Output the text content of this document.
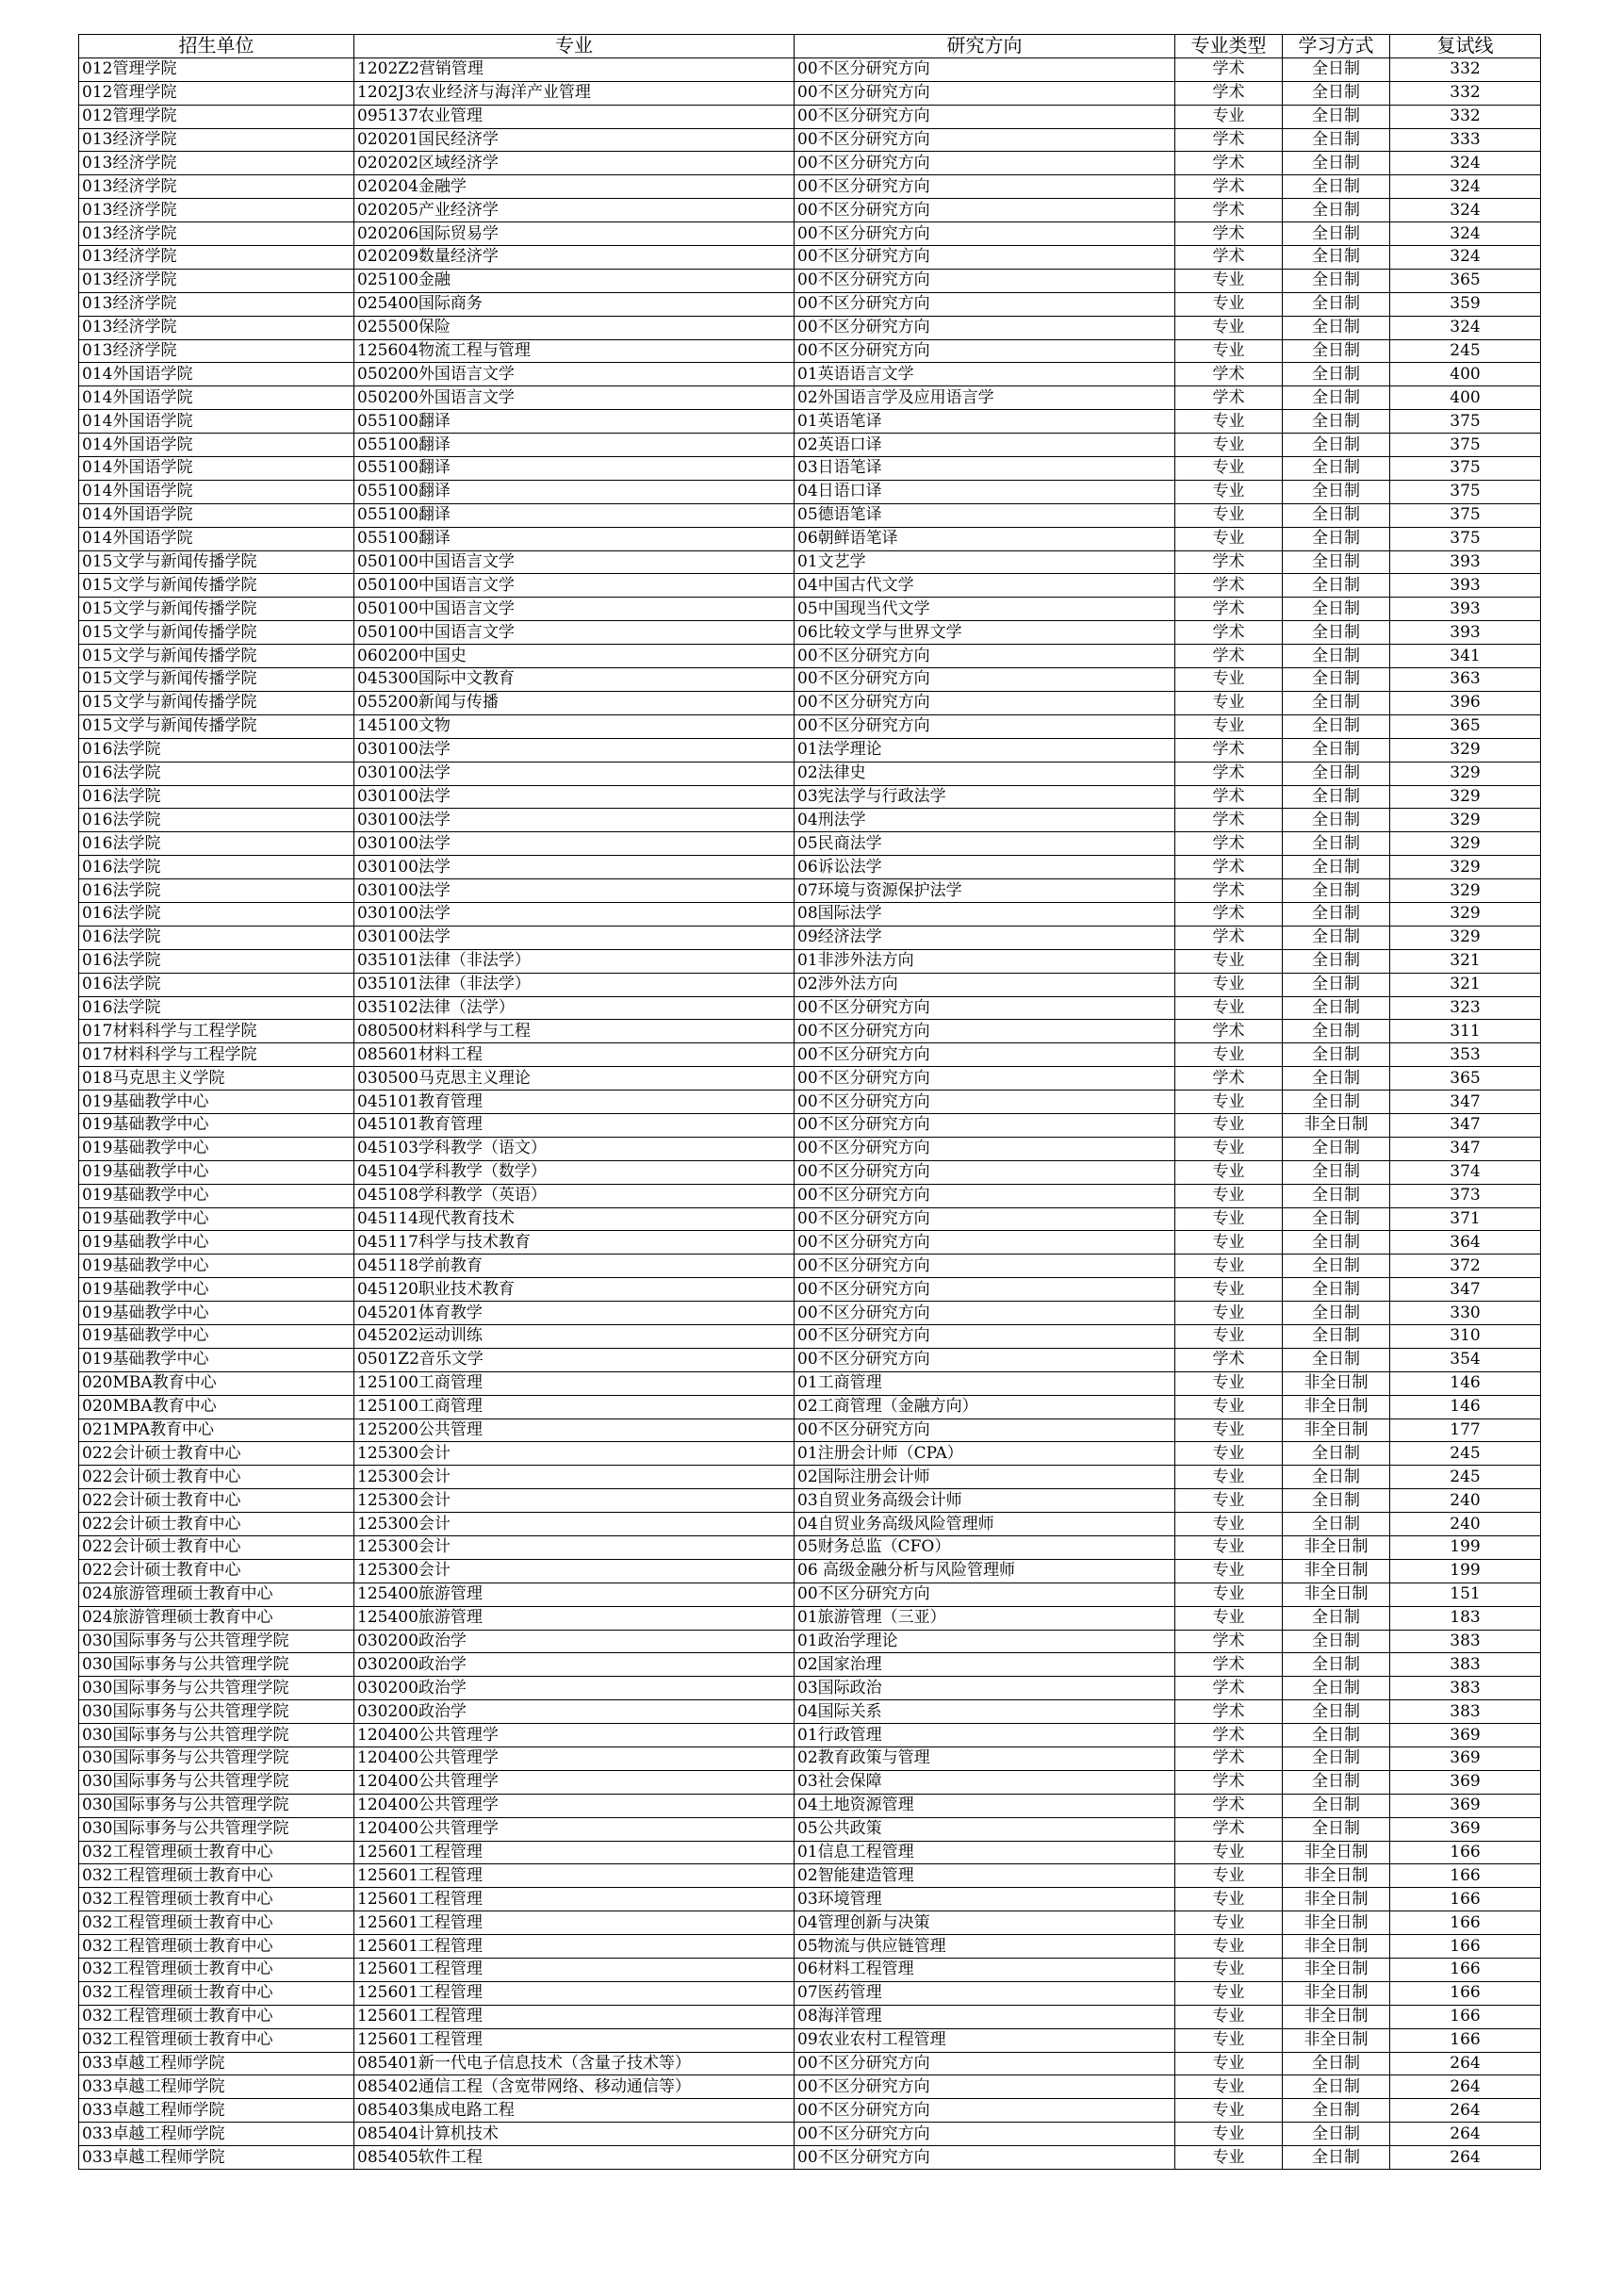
招生单位	专业	研究方向	专业类型	学习方式	复试线
012管理学院	1202Z2营销管理	00不区分研究方向	学术	全日制	332
012管理学院	1202J3农业经济与海洋产业管理	00不区分研究方向	学术	全日制	332
012管理学院	095137农业管理	00不区分研究方向	专业	全日制	332
013经济学院	020201国民经济学	00不区分研究方向	学术	全日制	333
013经济学院	020202区域经济学	00不区分研究方向	学术	全日制	324
013经济学院	020204金融学	00不区分研究方向	学术	全日制	324
013经济学院	020205产业经济学	00不区分研究方向	学术	全日制	324
013经济学院	020206国际贸易学	00不区分研究方向	学术	全日制	324
013经济学院	020209数量经济学	00不区分研究方向	学术	全日制	324
013经济学院	025100金融	00不区分研究方向	专业	全日制	365
013经济学院	025400国际商务	00不区分研究方向	专业	全日制	359
013经济学院	025500保险	00不区分研究方向	专业	全日制	324
013经济学院	125604物流工程与管理	00不区分研究方向	专业	全日制	245
014外国语学院	050200外国语言文学	01英语语言文学	学术	全日制	400
014外国语学院	050200外国语言文学	02外国语言学及应用语言学	学术	全日制	400
014外国语学院	055100翻译	01英语笔译	专业	全日制	375
014外国语学院	055100翻译	02英语口译	专业	全日制	375
014外国语学院	055100翻译	03日语笔译	专业	全日制	375
014外国语学院	055100翻译	04日语口译	专业	全日制	375
014外国语学院	055100翻译	05德语笔译	专业	全日制	375
014外国语学院	055100翻译	06朝鲜语笔译	专业	全日制	375
015文学与新闻传播学院	050100中国语言文学	01文艺学	学术	全日制	393
015文学与新闻传播学院	050100中国语言文学	04中国古代文学	学术	全日制	393
015文学与新闻传播学院	050100中国语言文学	05中国现当代文学	学术	全日制	393
015文学与新闻传播学院	050100中国语言文学	06比较文学与世界文学	学术	全日制	393
015文学与新闻传播学院	060200中国史	00不区分研究方向	学术	全日制	341
015文学与新闻传播学院	045300国际中文教育	00不区分研究方向	专业	全日制	363
015文学与新闻传播学院	055200新闻与传播	00不区分研究方向	专业	全日制	396
015文学与新闻传播学院	145100文物	00不区分研究方向	专业	全日制	365
016法学院	030100法学	01法学理论	学术	全日制	329
016法学院	030100法学	02法律史	学术	全日制	329
016法学院	030100法学	03宪法学与行政法学	学术	全日制	329
016法学院	030100法学	04刑法学	学术	全日制	329
016法学院	030100法学	05民商法学	学术	全日制	329
016法学院	030100法学	06诉讼法学	学术	全日制	329
016法学院	030100法学	07环境与资源保护法学	学术	全日制	329
016法学院	030100法学	08国际法学	学术	全日制	329
016法学院	030100法学	09经济法学	学术	全日制	329
016法学院	035101法律（非法学）	01非涉外法方向	专业	全日制	321
016法学院	035101法律（非法学）	02涉外法方向	专业	全日制	321
016法学院	035102法律（法学）	00不区分研究方向	专业	全日制	323
017材料科学与工程学院	080500材料科学与工程	00不区分研究方向	学术	全日制	311
017材料科学与工程学院	085601材料工程	00不区分研究方向	专业	全日制	353
018马克思主义学院	030500马克思主义理论	00不区分研究方向	学术	全日制	365
019基础教学中心	045101教育管理	00不区分研究方向	专业	全日制	347
019基础教学中心	045101教育管理	00不区分研究方向	专业	非全日制	347
019基础教学中心	045103学科教学（语文）	00不区分研究方向	专业	全日制	347
019基础教学中心	045104学科教学（数学）	00不区分研究方向	专业	全日制	374
019基础教学中心	045108学科教学（英语）	00不区分研究方向	专业	全日制	373
019基础教学中心	045114现代教育技术	00不区分研究方向	专业	全日制	371
019基础教学中心	045117科学与技术教育	00不区分研究方向	专业	全日制	364
019基础教学中心	045118学前教育	00不区分研究方向	专业	全日制	372
019基础教学中心	045120职业技术教育	00不区分研究方向	专业	全日制	347
019基础教学中心	045201体育教学	00不区分研究方向	专业	全日制	330
019基础教学中心	045202运动训练	00不区分研究方向	专业	全日制	310
019基础教学中心	0501Z2音乐文学	00不区分研究方向	学术	全日制	354
020MBA教育中心	125100工商管理	01工商管理	专业	非全日制	146
020MBA教育中心	125100工商管理	02工商管理（金融方向）	专业	非全日制	146
021MPA教育中心	125200公共管理	00不区分研究方向	专业	非全日制	177
022会计硕士教育中心	125300会计	01注册会计师（CPA）	专业	全日制	245
022会计硕士教育中心	125300会计	02国际注册会计师	专业	全日制	245
022会计硕士教育中心	125300会计	03自贸业务高级会计师	专业	全日制	240
022会计硕士教育中心	125300会计	04自贸业务高级风险管理师	专业	全日制	240
022会计硕士教育中心	125300会计	05财务总监（CFO）	专业	非全日制	199
022会计硕士教育中心	125300会计	06 高级金融分析与风险管理师	专业	非全日制	199
024旅游管理硕士教育中心	125400旅游管理	00不区分研究方向	专业	非全日制	151
024旅游管理硕士教育中心	125400旅游管理	01旅游管理（三亚）	专业	全日制	183
030国际事务与公共管理学院	030200政治学	01政治学理论	学术	全日制	383
030国际事务与公共管理学院	030200政治学	02国家治理	学术	全日制	383
030国际事务与公共管理学院	030200政治学	03国际政治	学术	全日制	383
030国际事务与公共管理学院	030200政治学	04国际关系	学术	全日制	383
030国际事务与公共管理学院	120400公共管理学	01行政管理	学术	全日制	369
030国际事务与公共管理学院	120400公共管理学	02教育政策与管理	学术	全日制	369
030国际事务与公共管理学院	120400公共管理学	03社会保障	学术	全日制	369
030国际事务与公共管理学院	120400公共管理学	04土地资源管理	学术	全日制	369
030国际事务与公共管理学院	120400公共管理学	05公共政策	学术	全日制	369
032工程管理硕士教育中心	125601工程管理	01信息工程管理	专业	非全日制	166
032工程管理硕士教育中心	125601工程管理	02智能建造管理	专业	非全日制	166
032工程管理硕士教育中心	125601工程管理	03环境管理	专业	非全日制	166
032工程管理硕士教育中心	125601工程管理	04管理创新与决策	专业	非全日制	166
032工程管理硕士教育中心	125601工程管理	05物流与供应链管理	专业	非全日制	166
032工程管理硕士教育中心	125601工程管理	06材料工程管理	专业	非全日制	166
032工程管理硕士教育中心	125601工程管理	07医药管理	专业	非全日制	166
032工程管理硕士教育中心	125601工程管理	08海洋管理	专业	非全日制	166
032工程管理硕士教育中心	125601工程管理	09农业农村工程管理	专业	非全日制	166
033卓越工程师学院	085401新一代电子信息技术（含量子技术等）	00不区分研究方向	专业	全日制	264
033卓越工程师学院	085402通信工程（含宽带网络、移动通信等）	00不区分研究方向	专业	全日制	264
033卓越工程师学院	085403集成电路工程	00不区分研究方向	专业	全日制	264
033卓越工程师学院	085404计算机技术	00不区分研究方向	专业	全日制	264
033卓越工程师学院	085405软件工程	00不区分研究方向	专业	全日制	264
